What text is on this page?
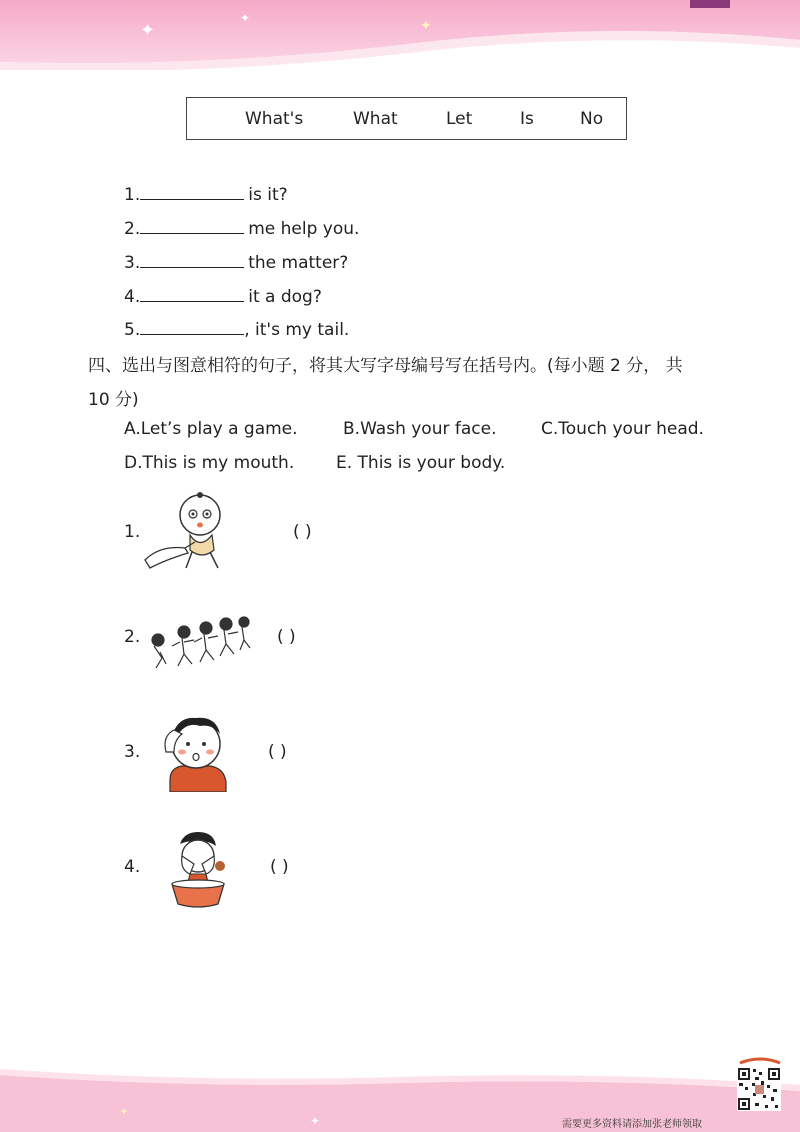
✦
✦	✦
What's	What	Let	Is	No
1.	is it?
2.	me help you.
3.	the matter?
4.	it a dog?
5.	, it's my tail.
四、选出与图意相符的句子，将其大写字母编号写在括号内。(每小题 2 分， 共
10 分)
A.Let’s play a game.	B.Wash your face.	C.Touch your head.
D.This is my mouth. E. This is your body.
1.	( )
2.	( )
3.	( )
4.	( )
✦
✦	需要更多资料请添加张老师领取
